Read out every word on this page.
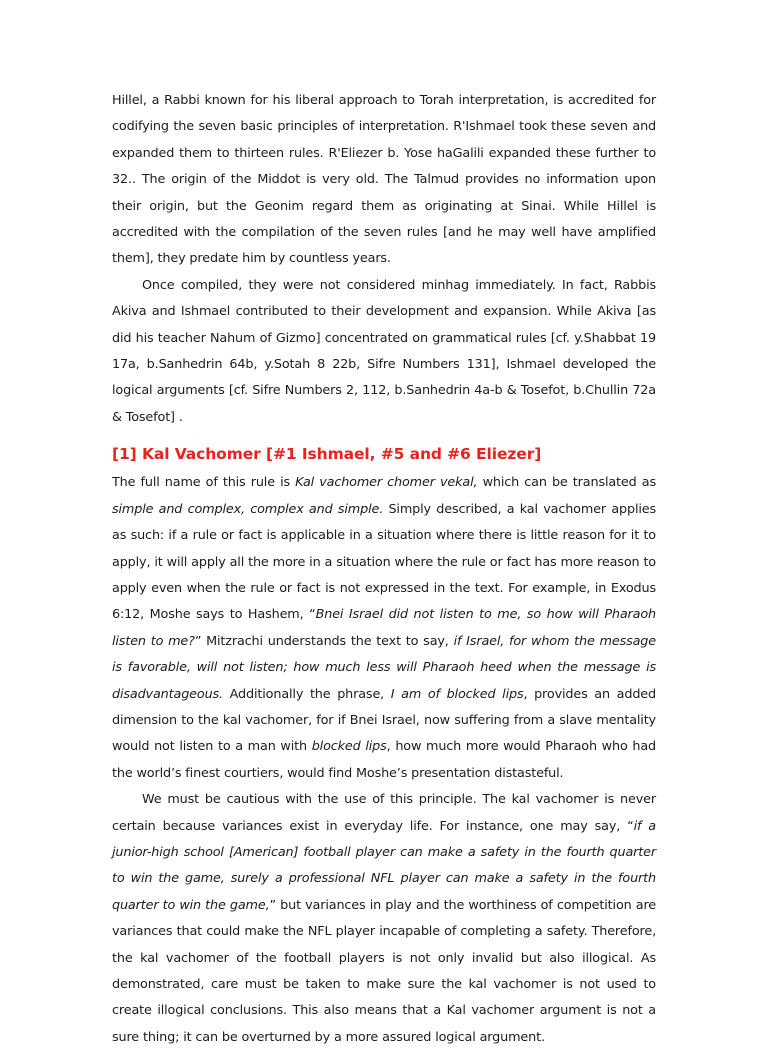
Hillel, a Rabbi known for his liberal approach to Torah interpretation, is accredited for codifying the seven basic principles of interpretation. R'Ishmael took these seven and expanded them to thirteen rules. R'Eliezer b. Yose haGalili expanded these further to 32.. The origin of the Middot is very old. The Talmud provides no information upon their origin, but the Geonim regard them as originating at Sinai. While Hillel is accredited with the compilation of the seven rules [and he may well have amplified them], they predate him by countless years.

Once compiled, they were not considered minhag immediately. In fact, Rabbis Akiva and Ishmael contributed to their development and expansion. While Akiva [as did his teacher Nahum of Gizmo] concentrated on grammatical rules [cf. y.Shabbat 19 17a, b.Sanhedrin 64b, y.Sotah 8 22b, Sifre Numbers 131], Ishmael developed the logical arguments [cf. Sifre Numbers 2, 112, b.Sanhedrin 4a-b & Tosefot, b.Chullin 72a & Tosefot] .

[1] Kal Vachomer [#1 Ishmael, #5 and #6 Eliezer]

The full name of this rule is Kal vachomer chomer vekal, which can be translated as simple and complex, complex and simple. Simply described, a kal vachomer applies as such: if a rule or fact is applicable in a situation where there is little reason for it to apply, it will apply all the more in a situation where the rule or fact has more reason to apply even when the rule or fact is not expressed in the text. For example, in Exodus 6:12, Moshe says to Hashem, “Bnei Israel did not listen to me, so how will Pharaoh listen to me?” Mitzrachi understands the text to say, if Israel, for whom the message is favorable, will not listen; how much less will Pharaoh heed when the message is disadvantageous. Additionally the phrase, I am of blocked lips, provides an added dimension to the kal vachomer, for if Bnei Israel, now suffering from a slave mentality would not listen to a man with blocked lips, how much more would Pharaoh who had the world’s finest courtiers, would find Moshe’s presentation distasteful.

We must be cautious with the use of this principle. The kal vachomer is never certain because variances exist in everyday life. For instance, one may say, “if a junior-high school [American] football player can make a safety in the fourth quarter to win the game, surely a professional NFL player can make a safety in the fourth quarter to win the game,” but variances in play and the worthiness of competition are variances that could make the NFL player incapable of completing a safety. Therefore, the kal vachomer of the football players is not only invalid but also illogical. As demonstrated, care must be taken to make sure the kal vachomer is not used to create illogical conclusions. This also means that a Kal vachomer argument is not a sure thing; it can be overturned by a more assured logical argument.
